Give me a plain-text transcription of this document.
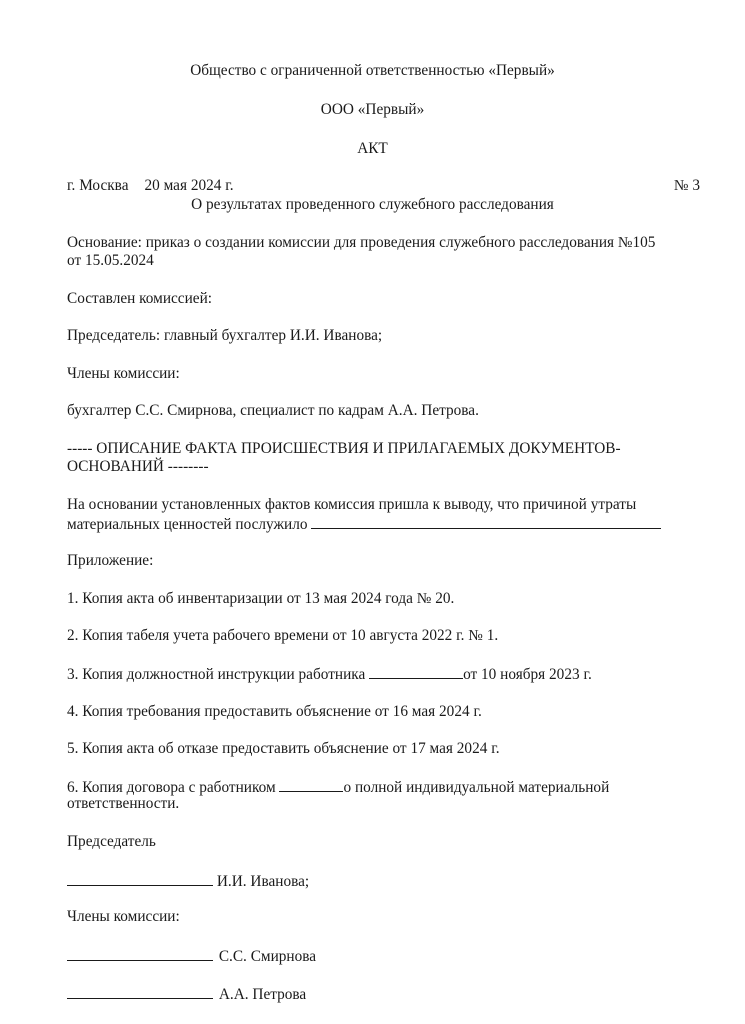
Общество с ограниченной ответственностью «Первый»
ООО «Первый»
АКТ
г. Москва 20 мая 2024 г.	№ 3
О результатах проведенного служебного расследования
Основание: приказ о создании комиссии для проведения служебного расследования №105
от 15.05.2024
Составлен комиссией:
Председатель: главный бухгалтер И.И. Иванова;
Члены комиссии:
бухгалтер С.С. Смирнова, специалист по кадрам А.А. Петрова.
----- ОПИСАНИЕ ФАКТА ПРОИСШЕСТВИЯ И ПРИЛАГАЕМЫХ ДОКУМЕНТОВ-
ОСНОВАНИЙ --------
На основании установленных фактов комиссия пришла к выводу, что причиной утраты
материальных ценностей послужило
Приложение:
1. Копия акта об инвентаризации от 13 мая 2024 года № 20.
2. Копия табеля учета рабочего времени от 10 августа 2022 г. № 1.
3. Копия должностной инструкции работника	от 10 ноября 2023 г.
4. Копия требования предоставить объяснение от 16 мая 2024 г.
5. Копия акта об отказе предоставить объяснение от 17 мая 2024 г.
6. Копия договора с работником	о полной индивидуальной материальной
ответственности.
Председатель
И.И. Иванова;
Члены комиссии:
С.С. Смирнова
А.А. Петрова
